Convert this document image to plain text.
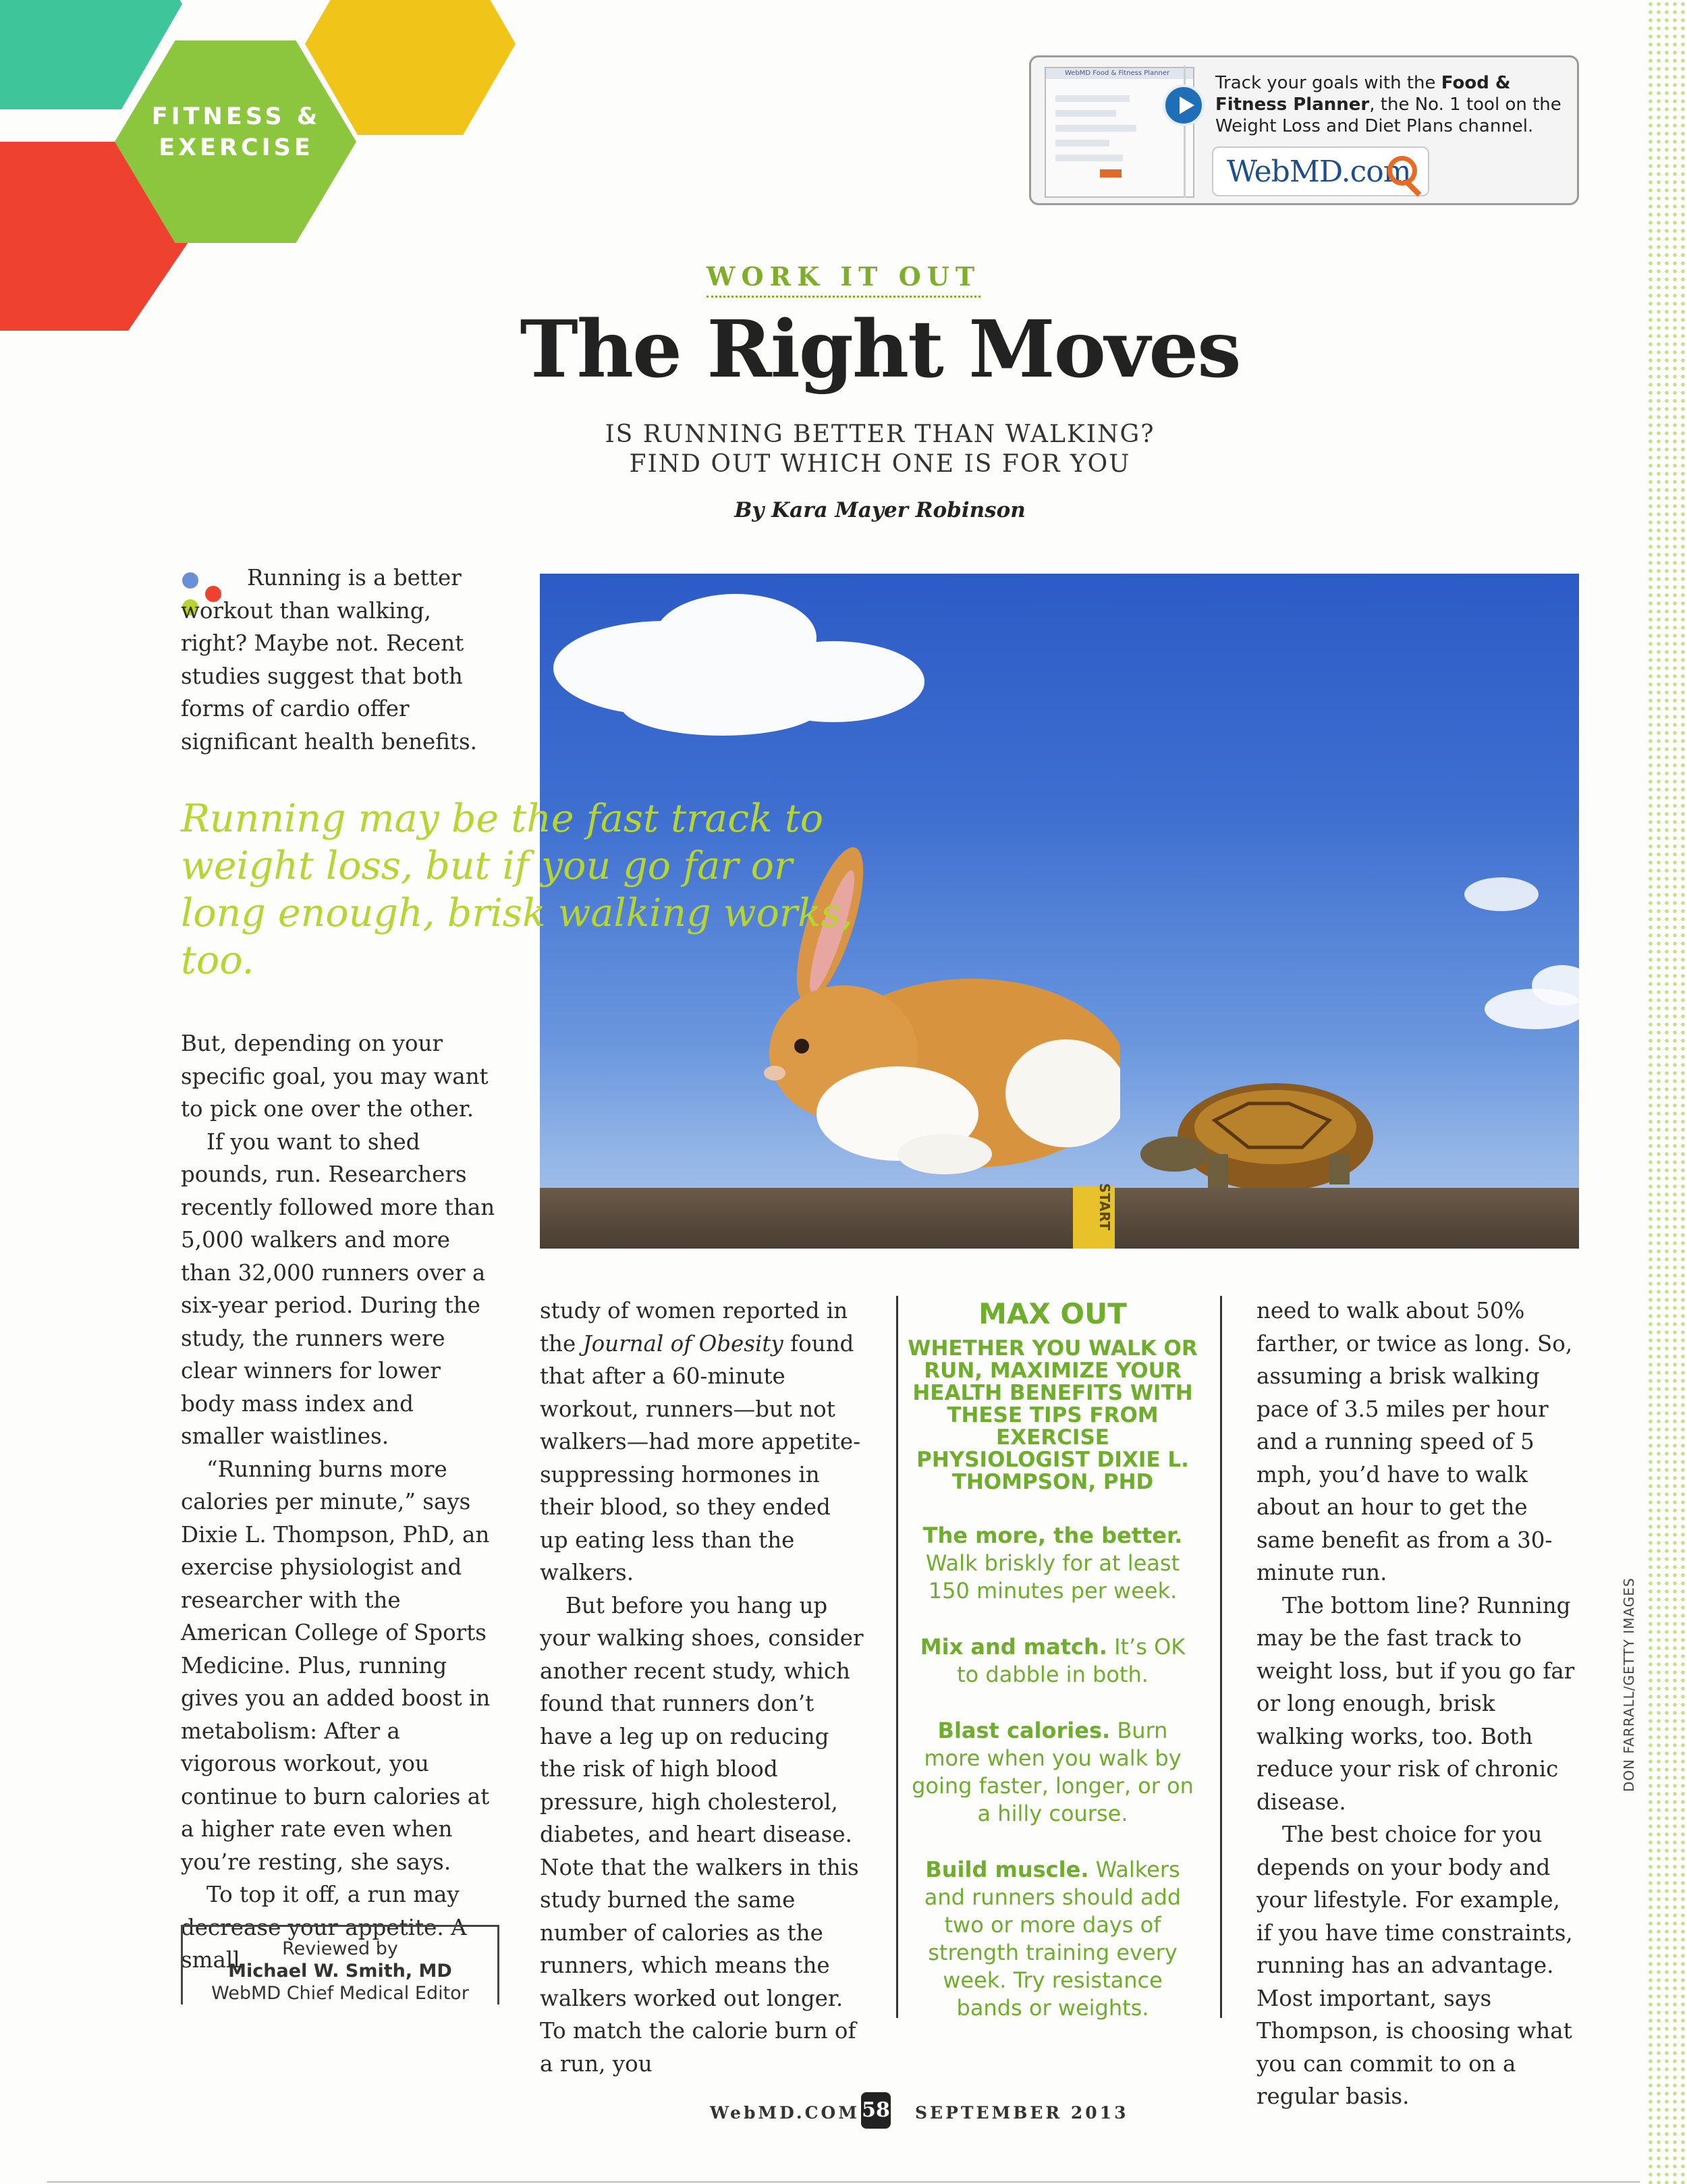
FITNESS &
EXERCISE
WebMD Food & Fitness Planner	Track your goals with the Food & Fitness Planner, the No. 1 tool on the Weight Loss and Diet Plans channel.
WebMD.com
WORK IT OUT
The Right Moves
IS RUNNING BETTER THAN WALKING?
FIND OUT WHICH ONE IS FOR YOU
By Kara Mayer Robinson

Running is a better workout than walking, right? Maybe not. Recent studies suggest that both forms of cardio offer significant health benefits.

START
Running may be the fast track to weight loss, but if you go far or long enough, brisk walking works, too.

But, depending on your specific goal, you may want to pick one over the other.

If you want to shed pounds, run. Researchers recently followed more than 5,000 walkers and more than 32,000 runners over a six-year period. During the study, the runners were clear winners for lower body mass index and smaller waistlines.

“Running burns more calories per minute,” says Dixie L. Thompson, PhD, an exercise physiologist and researcher with the American College of Sports Medicine. Plus, running gives you an added boost in metabolism: After a vigorous workout, you continue to burn calories at a higher rate even when you’re resting, she says.

To top it off, a run may decrease your appetite. A small

study of women reported in the Journal of Obesity found that after a 60-minute workout, runners—but not walkers—had more appetite-suppressing hormones in their blood, so they ended up eating less than the walkers.

But before you hang up your walking shoes, consider another recent study, which found that runners don’t have a leg up on reducing the risk of high blood pressure, high cholesterol, diabetes, and heart disease. Note that the walkers in this study burned the same number of calories as the runners, which means the walkers worked out longer. To match the calorie burn of a run, you

MAX OUT
WHETHER YOU WALK OR RUN, MAXIMIZE YOUR HEALTH BENEFITS WITH THESE TIPS FROM EXERCISE PHYSIOLOGIST DIXIE L. THOMPSON, PHD
The more, the better. Walk briskly for at least 150 minutes per week.
Mix and match. It’s OK to dabble in both.
Blast calories. Burn more when you walk by going faster, longer, or on a hilly course.
Build muscle. Walkers and runners should add two or more days of strength training every week. Try resistance bands or weights.

need to walk about 50% farther, or twice as long. So, assuming a brisk walking pace of 3.5 miles per hour and a running speed of 5 mph, you’d have to walk about an hour to get the same benefit as from a 30-minute run.

The bottom line? Running may be the fast track to weight loss, but if you go far or long enough, brisk walking works, too. Both reduce your risk of chronic disease.

The best choice for you depends on your body and your lifestyle. For example, if you have time constraints, running has an advantage. Most important, says Thompson, is choosing what you can commit to on a regular basis.

Reviewed by
Michael W. Smith, MD
WebMD Chief Medical Editor
DON FARRALL/GETTY IMAGES
WebMD.COM 58 SEPTEMBER 2013
